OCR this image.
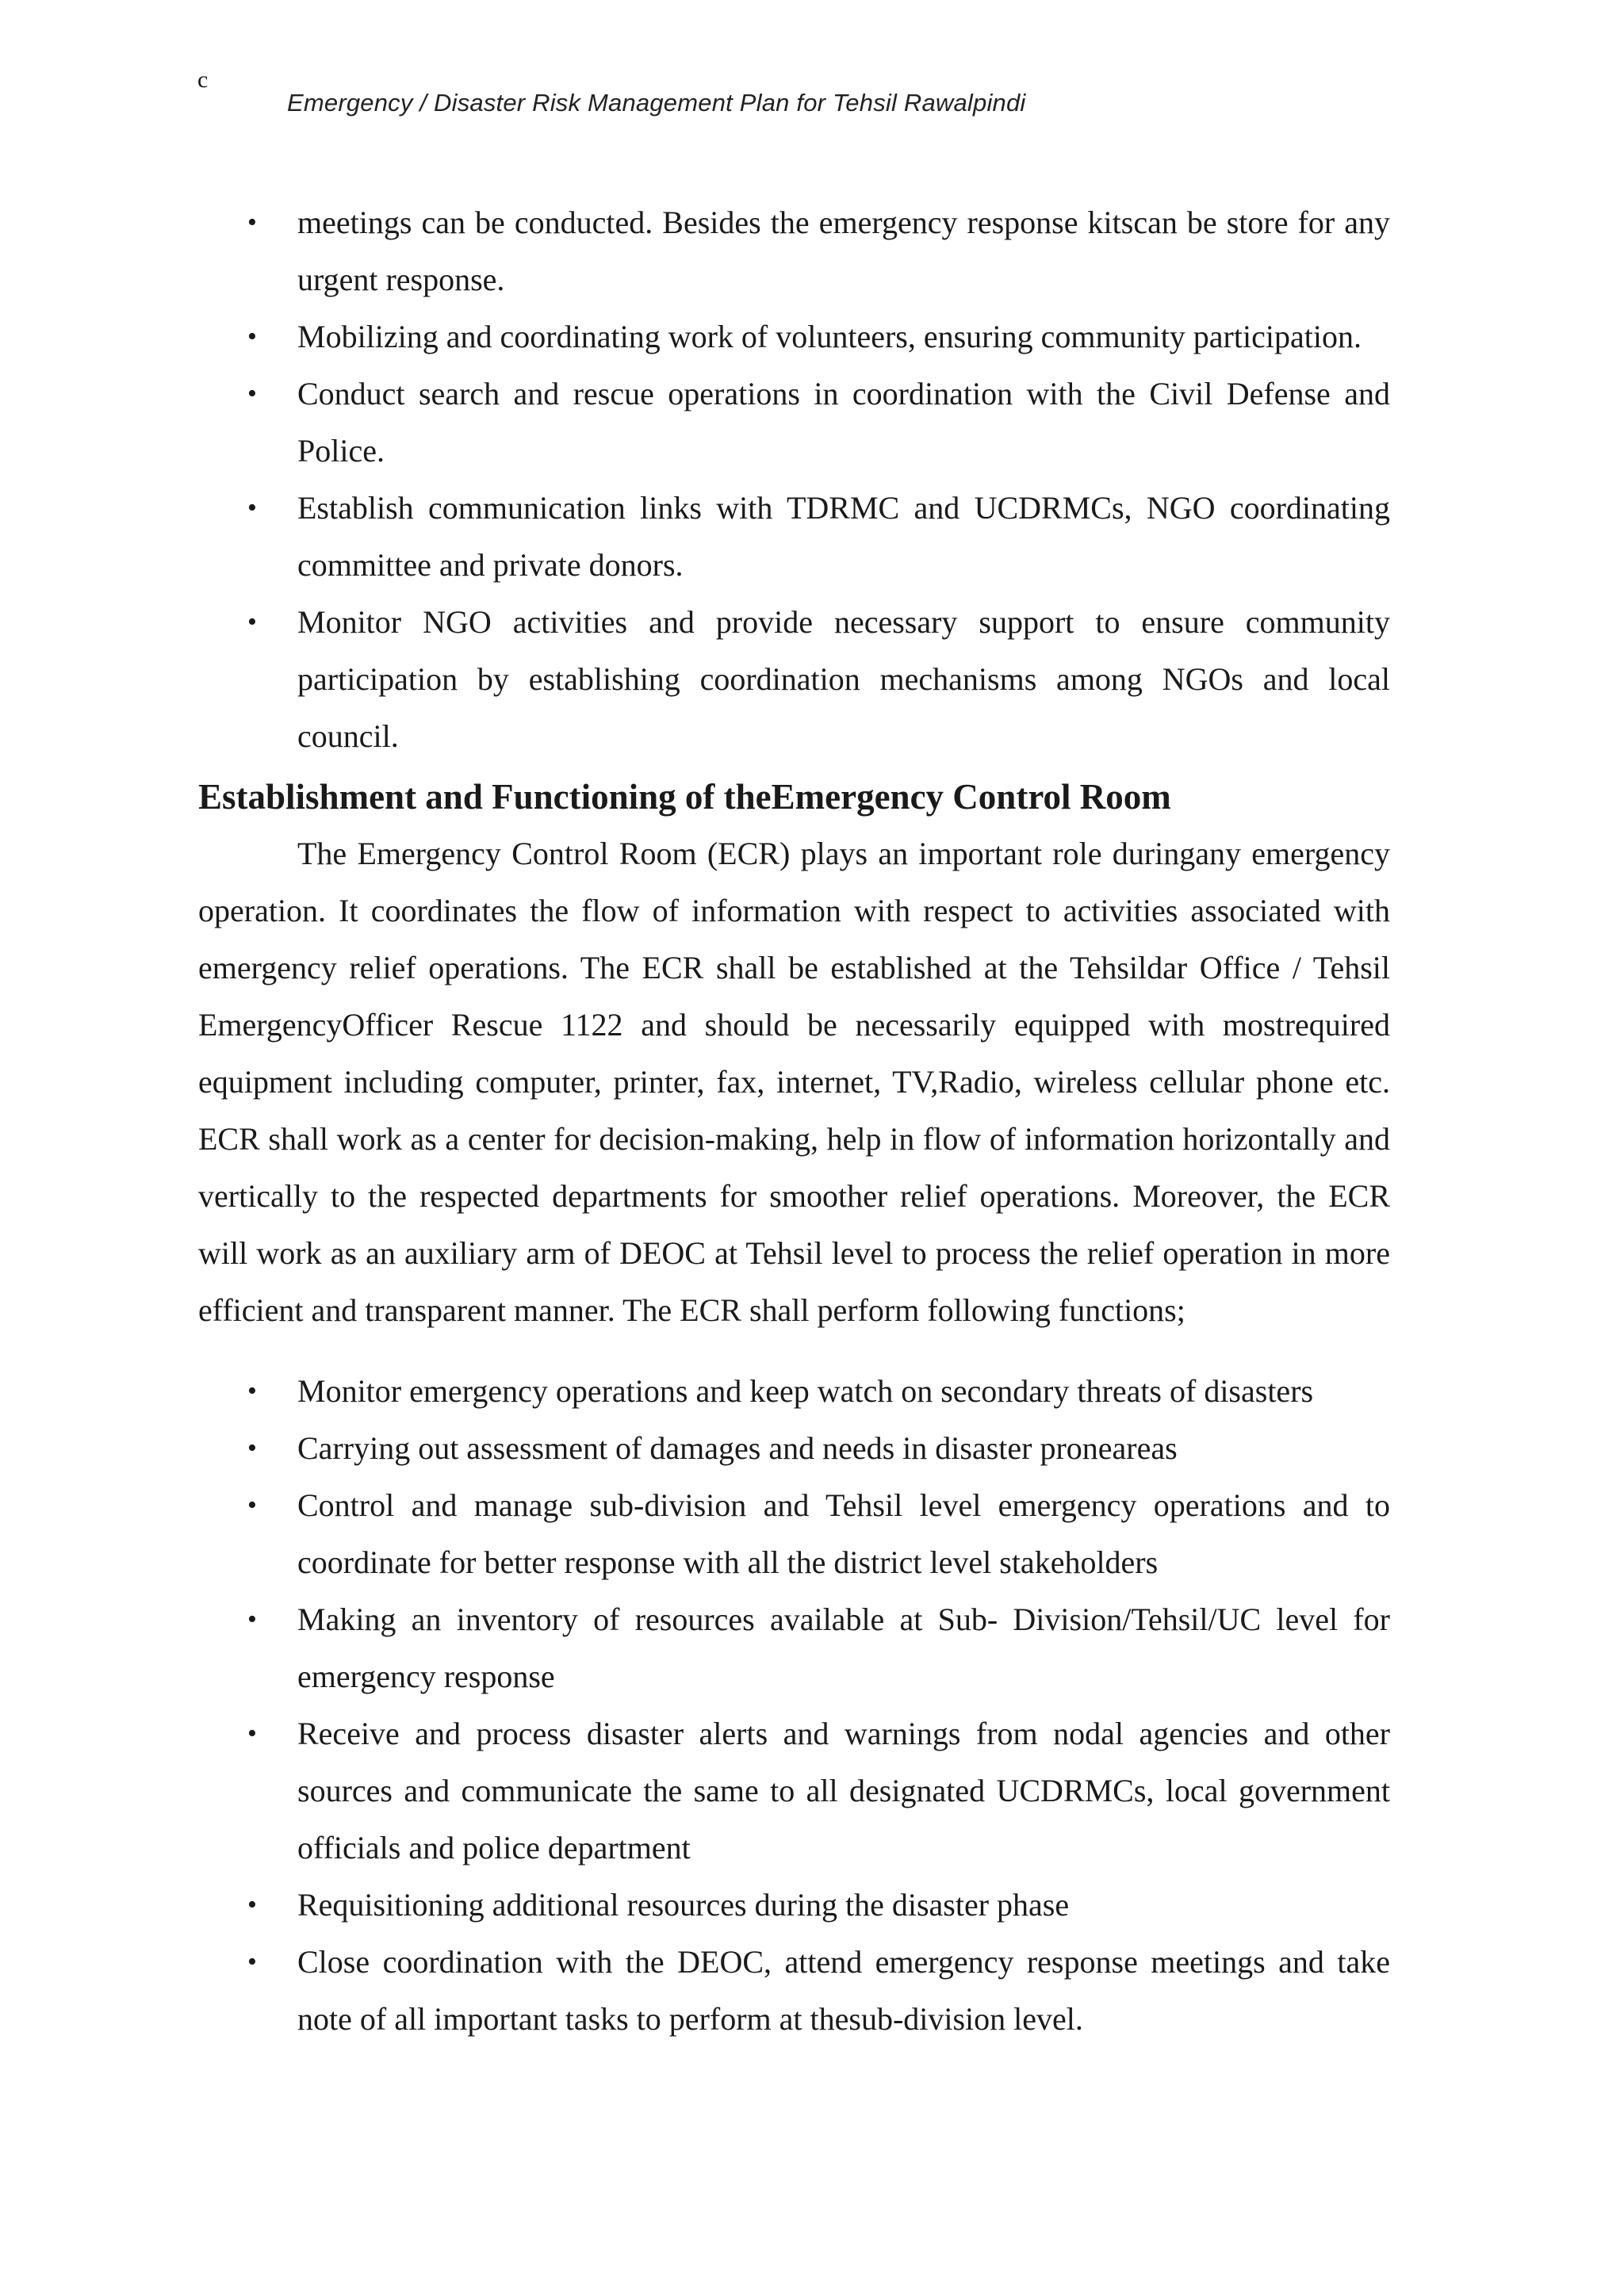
c
Emergency / Disaster Risk Management Plan for Tehsil Rawalpindi
• meetings can be conducted. Besides the emergency response kitscan be store for any urgent response.
• Mobilizing and coordinating work of volunteers, ensuring community participation.
• Conduct search and rescue operations in coordination with the Civil Defense and Police.
• Establish communication links with TDRMC and UCDRMCs, NGO coordinating committee and private donors.
• Monitor NGO activities and provide necessary support to ensure community participation by establishing coordination mechanisms among NGOs and local council.
Establishment and Functioning of theEmergency Control Room

The Emergency Control Room (ECR) plays an important role duringany emergency operation. It coordinates the flow of information with respect to activities associated with emergency relief operations. The ECR shall be established at the Tehsildar Office / Tehsil EmergencyOfficer Rescue 1122 and should be necessarily equipped with mostrequired equipment including computer, printer, fax, internet, TV,Radio, wireless cellular phone etc. ECR shall work as a center for decision-making, help in flow of information horizontally and vertically to the respected departments for smoother relief operations. Moreover, the ECR will work as an auxiliary arm of DEOC at Tehsil level to process the relief operation in more efficient and transparent manner. The ECR shall perform following functions;

• Monitor emergency operations and keep watch on secondary threats of disasters
• Carrying out assessment of damages and needs in disaster proneareas
• Control and manage sub-division and Tehsil level emergency operations and to coordinate for better response with all the district level stakeholders
• Making an inventory of resources available at Sub- Division/Tehsil/UC level for emergency response
• Receive and process disaster alerts and warnings from nodal agencies and other sources and communicate the same to all designated UCDRMCs, local government officials and police department
• Requisitioning additional resources during the disaster phase
• Close coordination with the DEOC, attend emergency response meetings and take note of all important tasks to perform at thesub-division level.
